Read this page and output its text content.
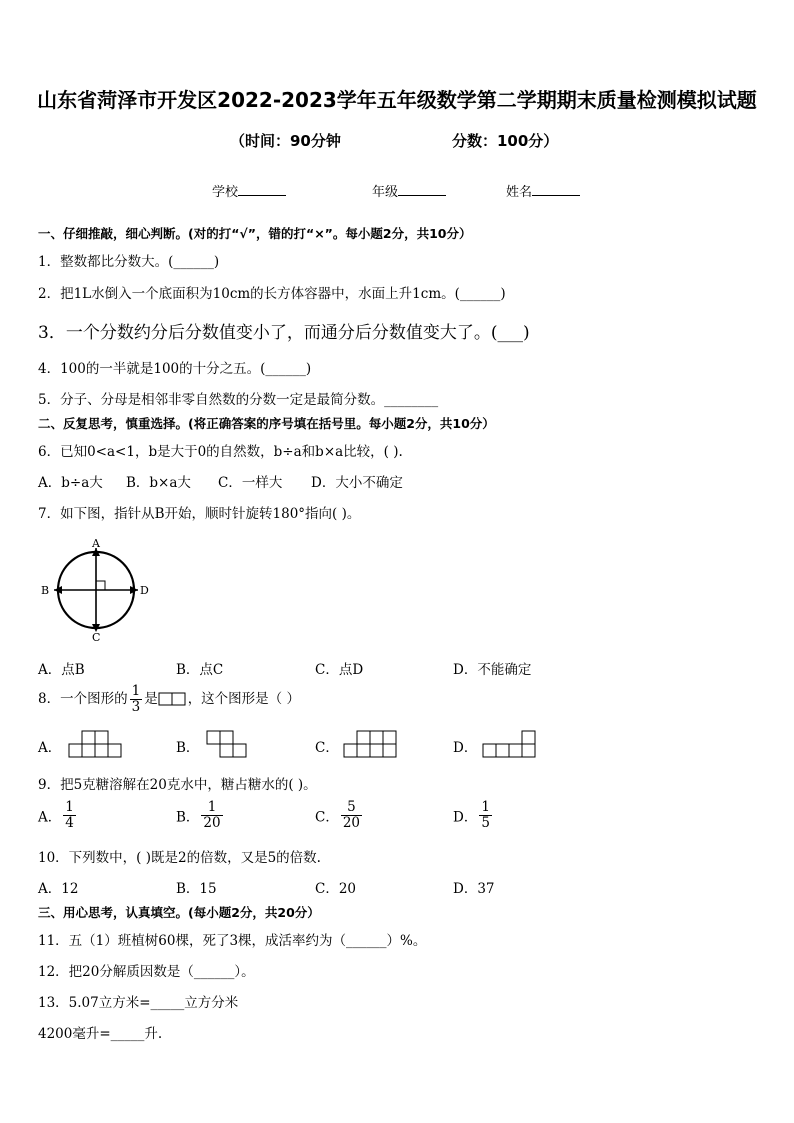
山东省菏泽市开发区2022-2023学年五年级数学第二学期期末质量检测模拟试题
（时间：90分钟	分数：100分）
学校	年级	姓名
一、仔细推敲，细心判断。(对的打“√”，错的打“×”。每小题2分，共10分）
1．整数都比分数大。(______)
2．把1L水倒入一个底面积为10cm的长方体容器中，水面上升1cm。(______)
3．一个分数约分后分数值变小了，而通分后分数值变大了。(___)
4．100的一半就是100的十分之五。(______)
5．分子、分母是相邻非零自然数的分数一定是最简分数。________
二、反复思考，慎重选择。(将正确答案的序号填在括号里。每小题2分，共10分）
6．已知0<a<1，b是大于0的自然数，b÷a和b×a比较，( ).
A．b÷a大 B．b×a大 C．一样大 D．大小不确定
7．如下图，指针从B开始，顺时针旋转180°指向( )。
A
B
C
D
A．点B	B．点C	C．点D	D．不能确定
8．一个图形的 $\frac{1}{3}$ 是 ，这个图形是（ ）
A．	B．	C．	D．
9．把5克糖溶解在20克水中，糖占糖水的( )。
A． $\frac{1}{4}$	B． $\frac{1}{20}$	C． $\frac{5}{20}$	D． $\frac{1}{5}$
10．下列数中，( )既是2的倍数，又是5的倍数.
A．12	B．15	C．20	D．37
三、用心思考，认真填空。(每小题2分，共20分）
11．五（1）班植树60棵，死了3棵，成活率约为（______）%。
12．把20分解质因数是（______）。
13．5.07立方米=_____立方分米
4200毫升=_____升.
